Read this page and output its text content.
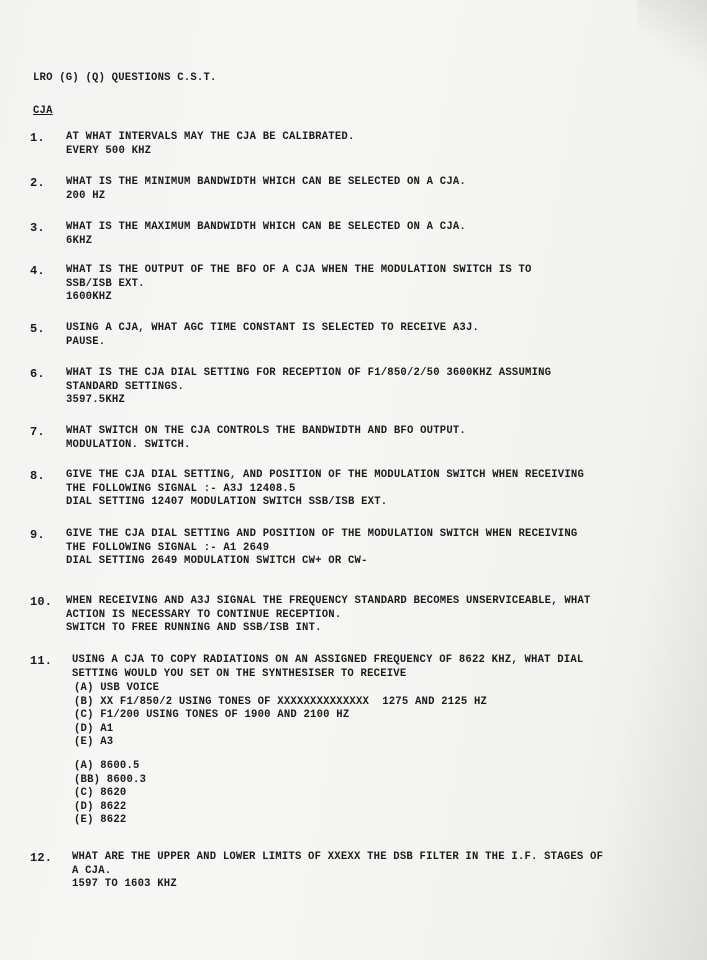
LRO (G) (Q) QUESTIONS C.S.T.
CJA
1. AT WHAT INTERVALS MAY THE CJA BE CALIBRATED.
EVERY 500 KHZ
2. WHAT IS THE MINIMUM BANDWIDTH WHICH CAN BE SELECTED ON A CJA.
200 HZ
3. WHAT IS THE MAXIMUM BANDWIDTH WHICH CAN BE SELECTED ON A CJA.
6KHZ
4. WHAT IS THE OUTPUT OF THE BFO OF A CJA WHEN THE MODULATION SWITCH IS TO
SSB/ISB EXT.
1600KHZ
5. USING A CJA, WHAT AGC TIME CONSTANT IS SELECTED TO RECEIVE A3J.
PAUSE.
6. WHAT IS THE CJA DIAL SETTING FOR RECEPTION OF F1/850/2/50 3600KHZ ASSUMING
STANDARD SETTINGS.
3597.5KHZ
7. WHAT SWITCH ON THE CJA CONTROLS THE BANDWIDTH AND BFO OUTPUT.
MODULATION. SWITCH.
8. GIVE THE CJA DIAL SETTING, AND POSITION OF THE MODULATION SWITCH WHEN RECEIVING
THE FOLLOWING SIGNAL :- A3J 12408.5
DIAL SETTING 12407 MODULATION SWITCH SSB/ISB EXT.
9. GIVE THE CJA DIAL SETTING AND POSITION OF THE MODULATION SWITCH WHEN RECEIVING
THE FOLLOWING SIGNAL :- A1 2649
DIAL SETTING 2649 MODULATION SWITCH CW+ OR CW-
10. WHEN RECEIVING AND A3J SIGNAL THE FREQUENCY STANDARD BECOMES UNSERVICEABLE, WHAT
ACTION IS NECESSARY TO CONTINUE RECEPTION.
SWITCH TO FREE RUNNING AND SSB/ISB INT.
11. USING A CJA TO COPY RADIATIONS ON AN ASSIGNED FREQUENCY OF 8622 KHZ, WHAT DIAL
SETTING WOULD YOU SET ON THE SYNTHESISER TO RECEIVE
(A) USB VOICE
(B) XX F1/850/2 USING TONES OF XXXXXXXXXXXXXX  1275 AND 2125 HZ
(C) F1/200 USING TONES OF 1900 AND 2100 HZ
(D) A1
(E) A3
(A) 8600.5
(BB) 8600.3
(C) 8620
(D) 8622
(E) 8622
12. WHAT ARE THE UPPER AND LOWER LIMITS OF XXEXX THE DSB FILTER IN THE I.F. STAGES OF
A CJA.
1597 TO 1603 KHZ
